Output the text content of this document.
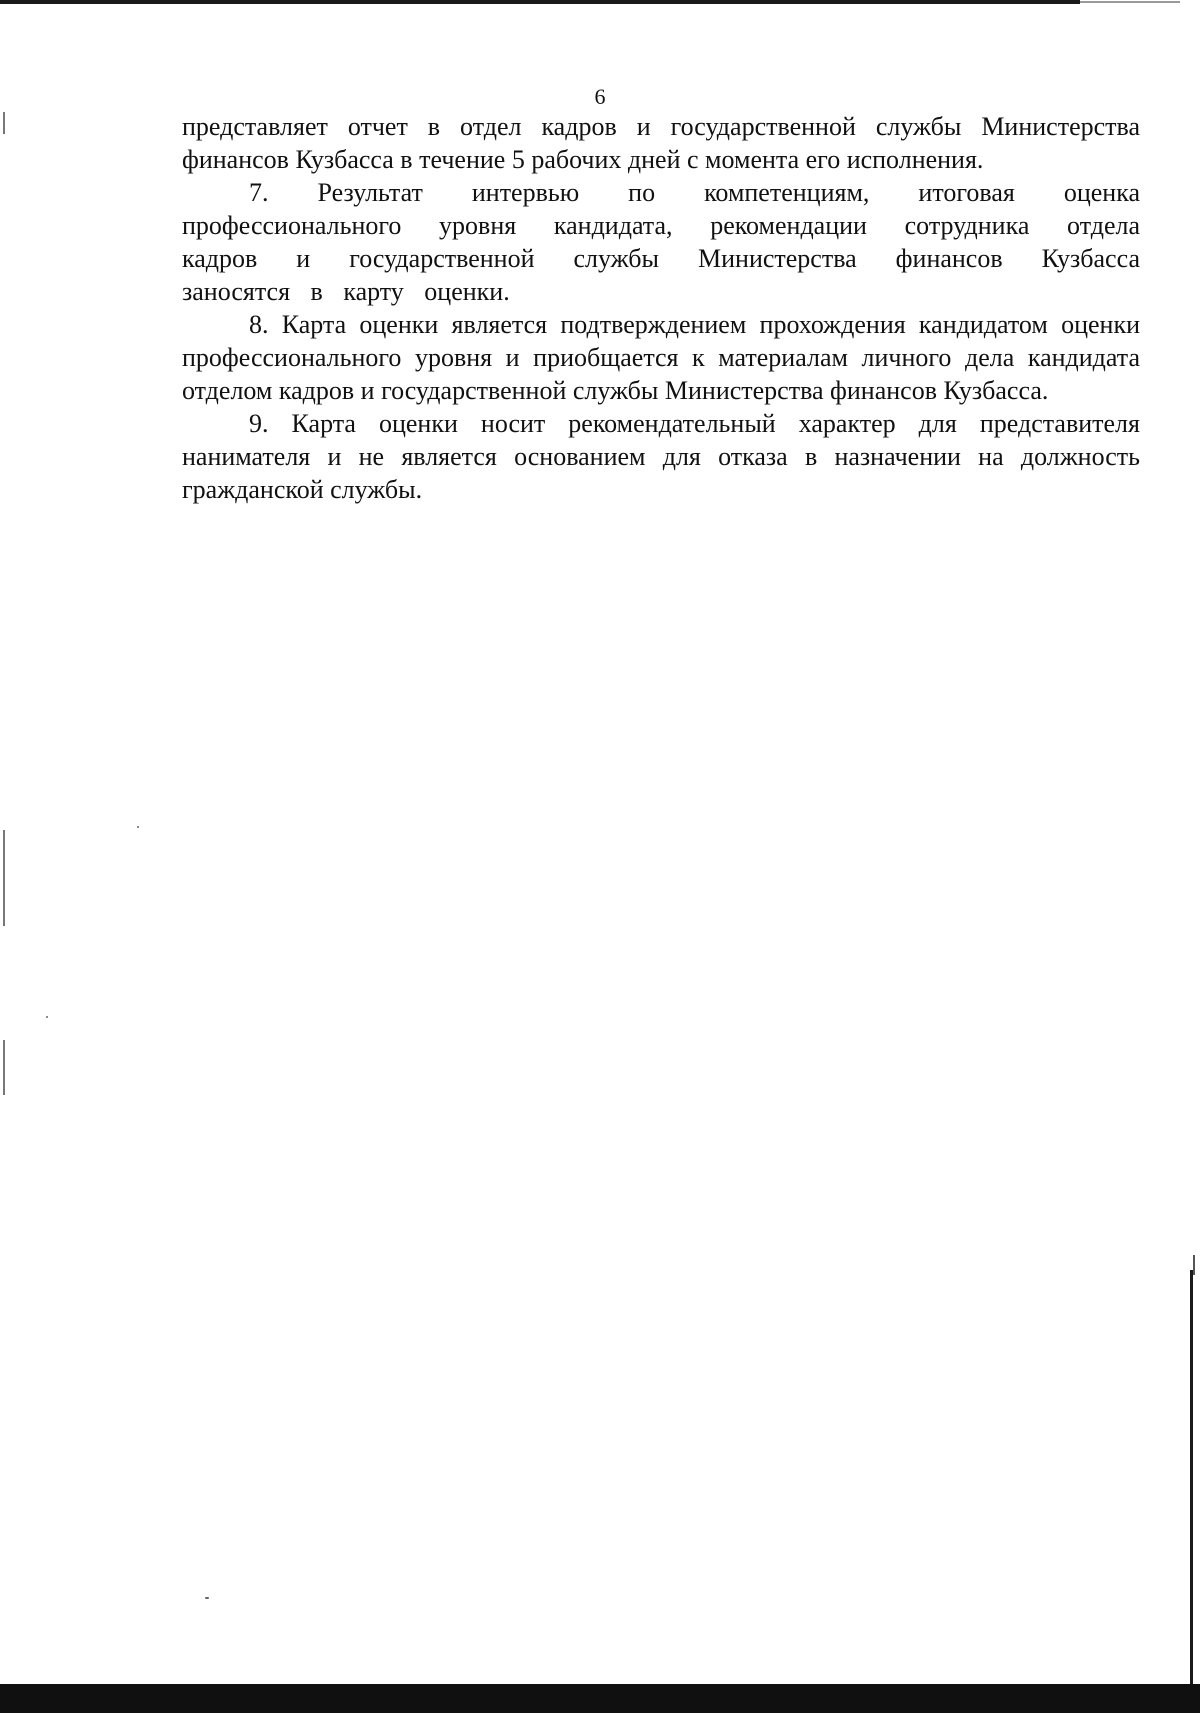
6

представляет отчет в отдел кадров и государственной службы Министерства финансов Кузбасса в течение 5 рабочих дней с момента его исполнения.

7. Результат интервью по компетенциям, итоговая оценка профессионального уровня кандидата, рекомендации сотрудника отдела кадров и государственной службы Министерства финансов Кузбасса заносятся в карту оценки.

8. Карта оценки является подтверждением прохождения кандидатом оценки профессионального уровня и приобщается к материалам личного дела кандидата отделом кадров и государственной службы Министерства финансов Кузбасса.

9. Карта оценки носит рекомендательный характер для представителя нанимателя и не является основанием для отказа в назначении на должность гражданской службы.
